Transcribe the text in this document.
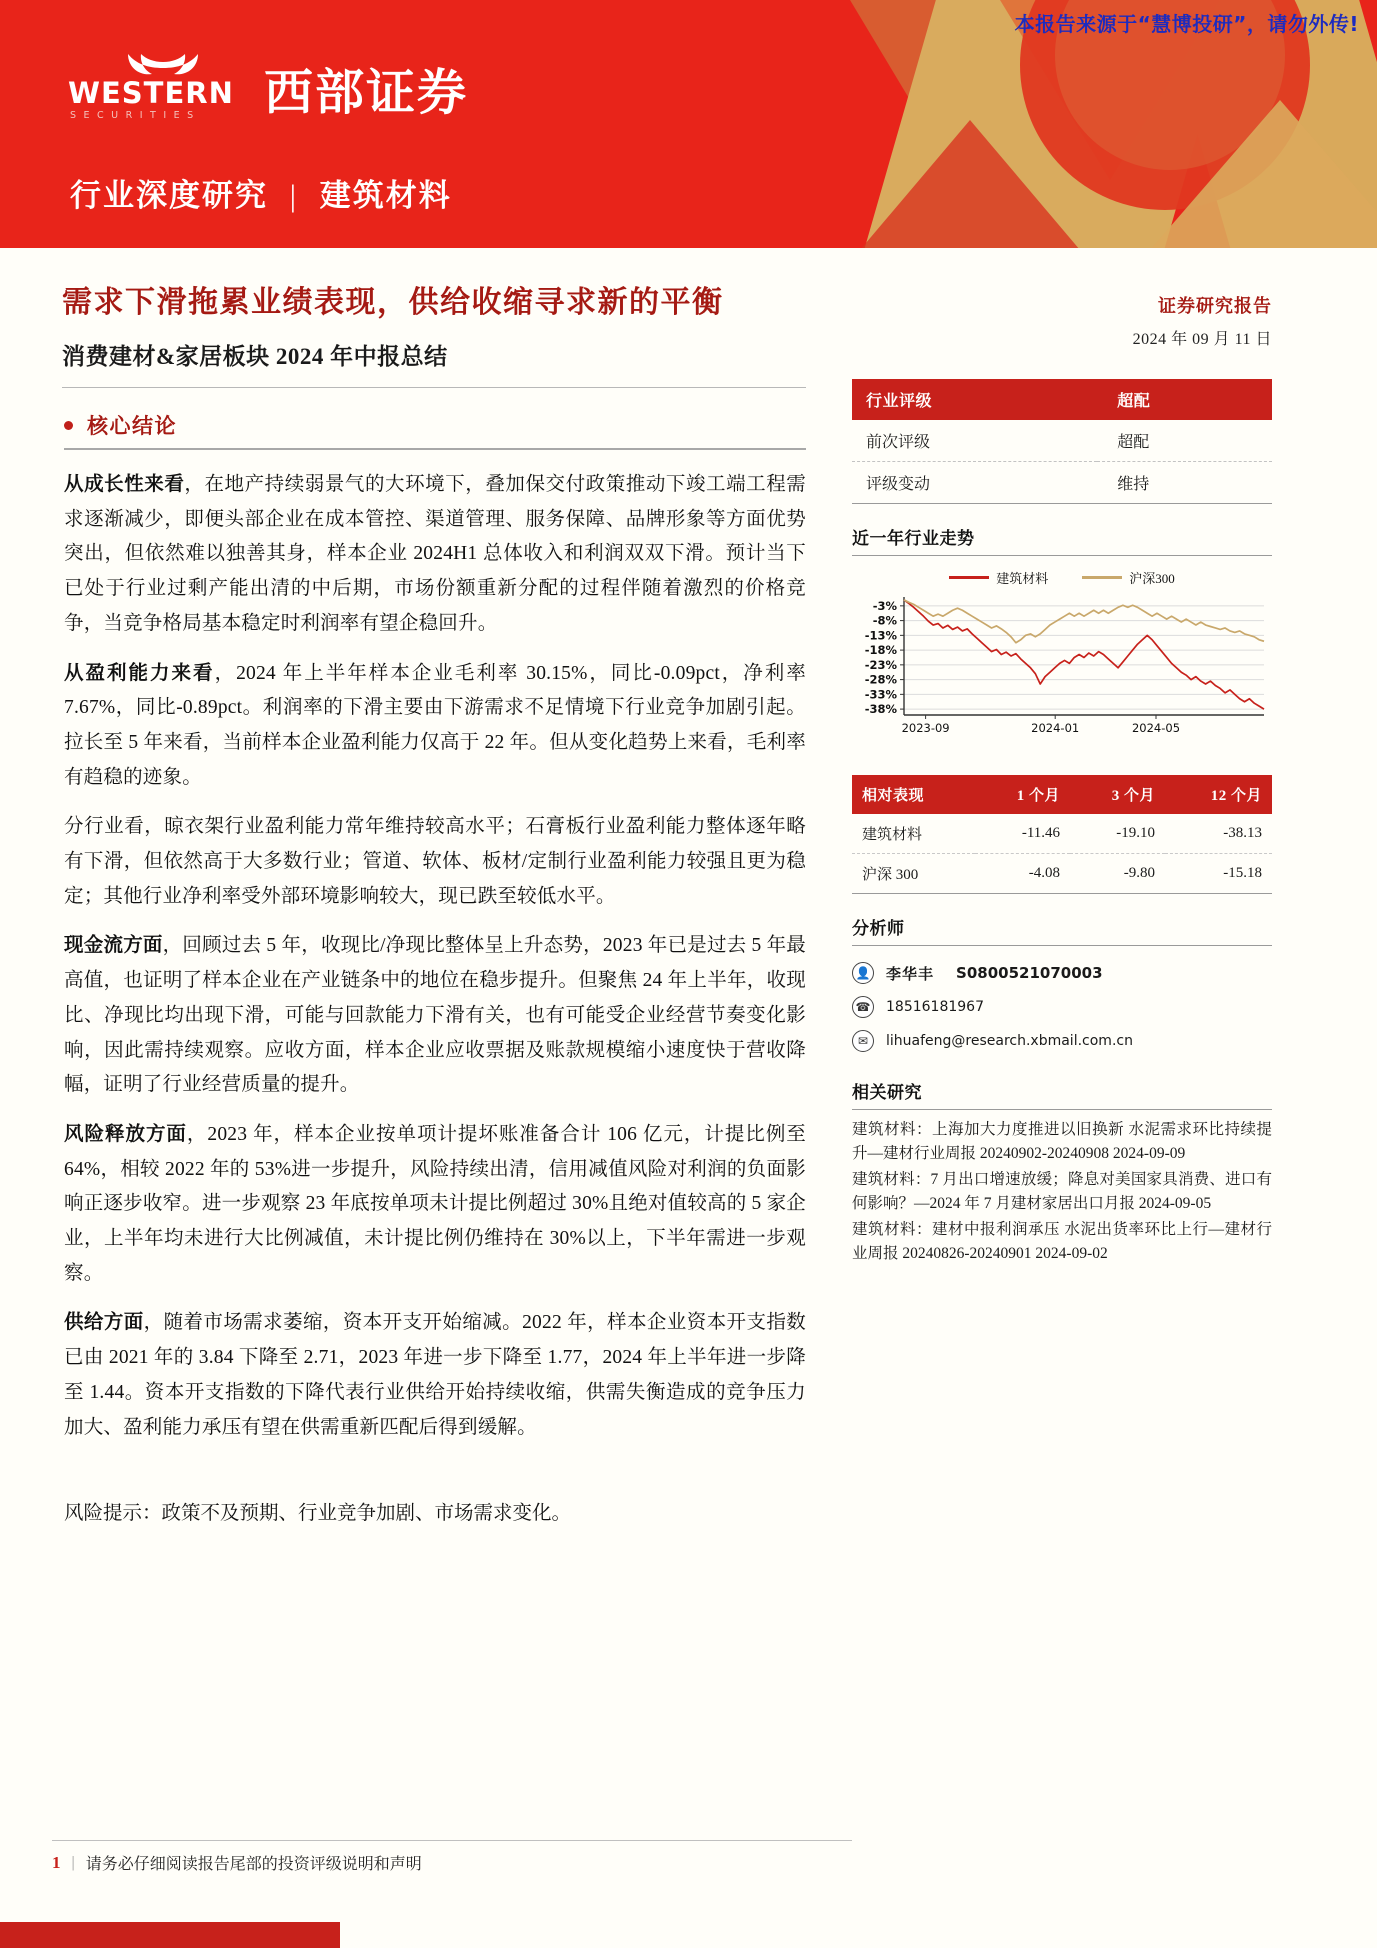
本报告来源于“慧博投研”，请勿外传!
WESTERN
SECURITIES 西部证券
行业深度研究 | 建筑材料
需求下滑拖累业绩表现，供给收缩寻求新的平衡
消费建材&家居板块 2024 年中报总结
核心结论
从成长性来看，在地产持续弱景气的大环境下，叠加保交付政策推动下竣工端工程需求逐渐减少，即便头部企业在成本管控、渠道管理、服务保障、品牌形象等方面优势突出，但依然难以独善其身，样本企业 2024H1 总体收入和利润双双下滑。预计当下已处于行业过剩产能出清的中后期，市场份额重新分配的过程伴随着激烈的价格竞争，当竞争格局基本稳定时利润率有望企稳回升。
从盈利能力来看，2024 年上半年样本企业毛利率 30.15%，同比-0.09pct，净利率 7.67%，同比-0.89pct。利润率的下滑主要由下游需求不足情境下行业竞争加剧引起。拉长至 5 年来看，当前样本企业盈利能力仅高于 22 年。但从变化趋势上来看，毛利率有趋稳的迹象。
分行业看，晾衣架行业盈利能力常年维持较高水平；石膏板行业盈利能力整体逐年略有下滑，但依然高于大多数行业；管道、软体、板材/定制行业盈利能力较强且更为稳定；其他行业净利率受外部环境影响较大，现已跌至较低水平。
现金流方面，回顾过去 5 年，收现比/净现比整体呈上升态势，2023 年已是过去 5 年最高值，也证明了样本企业在产业链条中的地位在稳步提升。但聚焦 24 年上半年，收现比、净现比均出现下滑，可能与回款能力下滑有关，也有可能受企业经营节奏变化影响，因此需持续观察。应收方面，样本企业应收票据及账款规模缩小速度快于营收降幅，证明了行业经营质量的提升。
风险释放方面，2023 年，样本企业按单项计提坏账准备合计 106 亿元，计提比例至 64%，相较 2022 年的 53%进一步提升，风险持续出清，信用减值风险对利润的负面影响正逐步收窄。进一步观察 23 年底按单项未计提比例超过 30%且绝对值较高的 5 家企业，上半年均未进行大比例减值，未计提比例仍维持在 30%以上，下半年需进一步观察。
供给方面，随着市场需求萎缩，资本开支开始缩减。2022 年，样本企业资本开支指数已由 2021 年的 3.84 下降至 2.71，2023 年进一步下降至 1.77，2024 年上半年进一步降至 1.44。资本开支指数的下降代表行业供给开始持续收缩，供需失衡造成的竞争压力加大、盈利能力承压有望在供需重新匹配后得到缓解。
风险提示：政策不及预期、行业竞争加剧、市场需求变化。
证券研究报告
2024 年 09 月 11 日
行业评级	超配
前次评级	超配
评级变动	维持
近一年行业走势
建筑材料	沪深300
-3%
-8%
-13%
-18%
-23%
-28%
-33%
-38%
2023-09	2024-01	2024-05
相对表现	1 个月	3 个月	12 个月
建筑材料	-11.46	-19.10	-38.13
沪深 300	-4.08	-9.80	-15.18
分析师
👤 李华丰 S0800521070003
☎ 18516181967
✉	lihuafeng@research.xbmail.com.cn
相关研究
建筑材料：上海加大力度推进以旧换新 水泥需求环比持续提升—建材行业周报 20240902-20240908 2024-09-09
建筑材料：7 月出口增速放缓；降息对美国家具消费、进口有何影响？—2024 年 7 月建材家居出口月报 2024-09-05
建筑材料：建材中报利润承压 水泥出货率环比上行—建材行业周报 20240826-20240901 2024-09-02
1 | 请务必仔细阅读报告尾部的投资评级说明和声明
